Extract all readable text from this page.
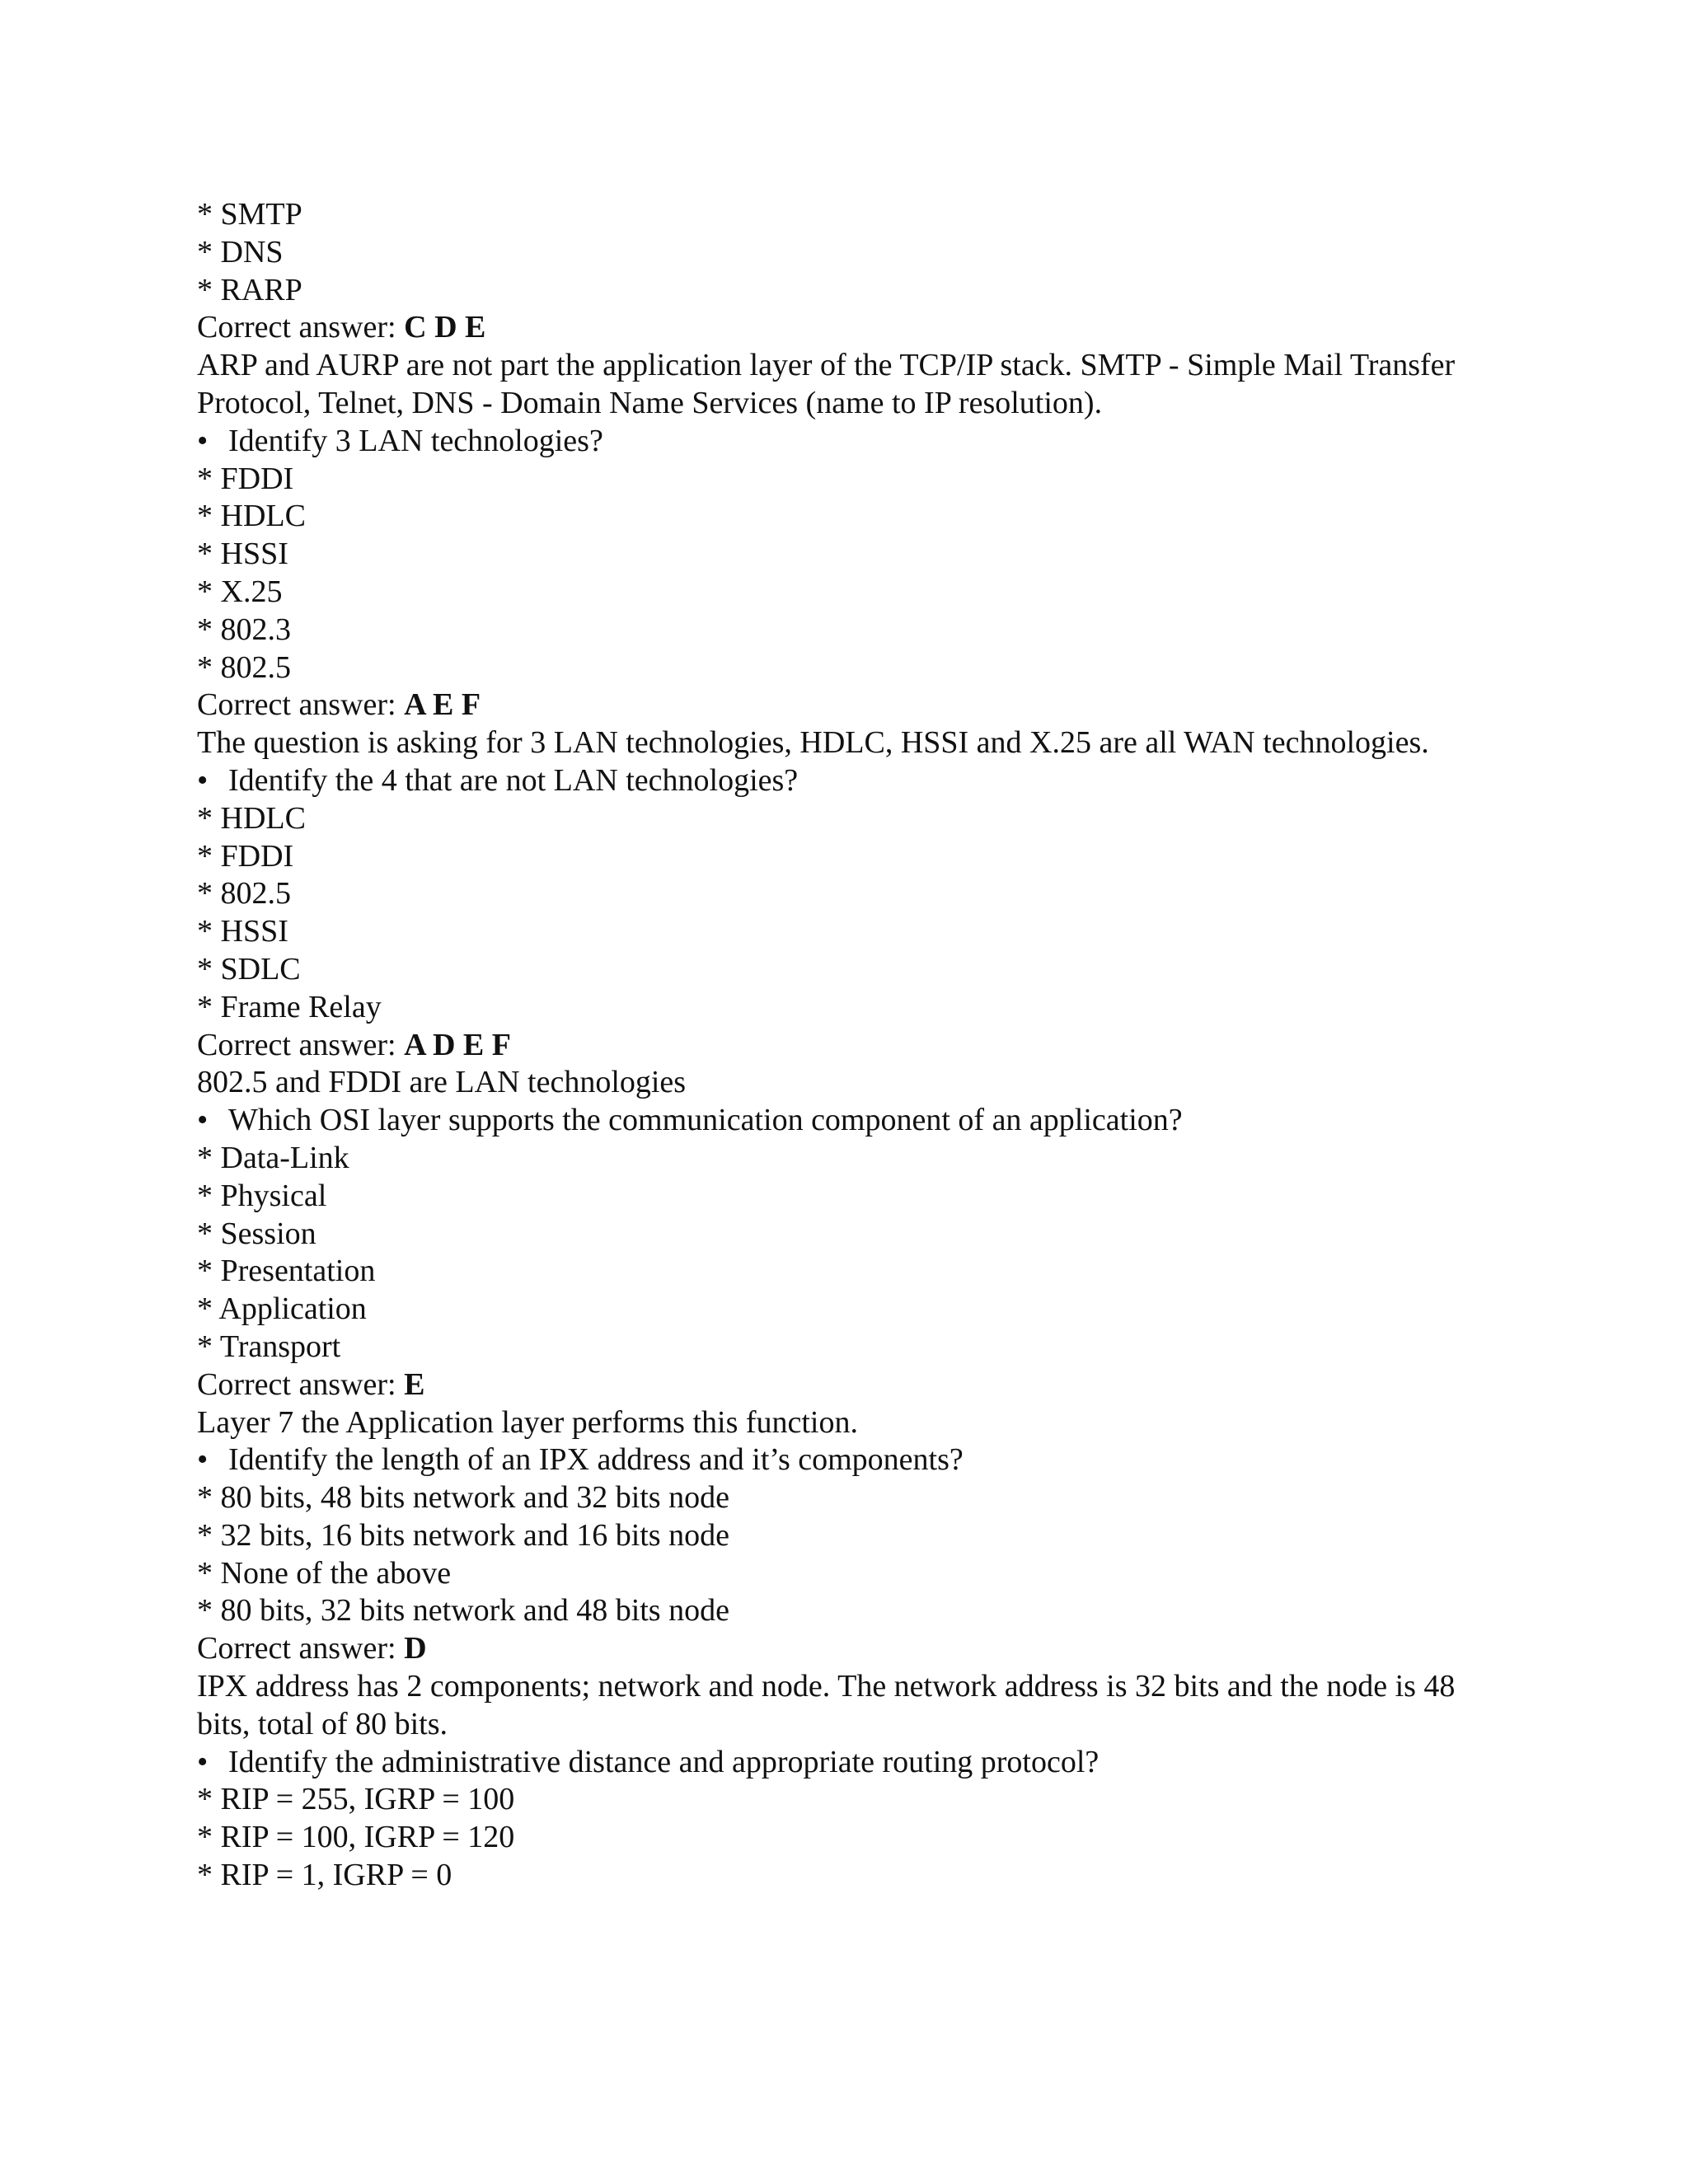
* SMTP
* DNS
* RARP
Correct answer: C D E
ARP and AURP are not part the application layer of the TCP/IP stack. SMTP - Simple Mail Transfer Protocol, Telnet, DNS - Domain Name Services (name to IP resolution).
• Identify 3 LAN technologies?
* FDDI
* HDLC
* HSSI
* X.25
* 802.3
* 802.5
Correct answer: A E F
The question is asking for 3 LAN technologies, HDLC, HSSI and X.25 are all WAN technologies.
• Identify the 4 that are not LAN technologies?
* HDLC
* FDDI
* 802.5
* HSSI
* SDLC
* Frame Relay
Correct answer: A D E F
802.5 and FDDI are LAN technologies
• Which OSI layer supports the communication component of an application?
* Data-Link
* Physical
* Session
* Presentation
* Application
* Transport
Correct answer: E
Layer 7 the Application layer performs this function.
• Identify the length of an IPX address and it’s components?
* 80 bits, 48 bits network and 32 bits node
* 32 bits, 16 bits network and 16 bits node
* None of the above
* 80 bits, 32 bits network and 48 bits node
Correct answer: D
IPX address has 2 components; network and node. The network address is 32 bits and the node is 48 bits, total of 80 bits.
• Identify the administrative distance and appropriate routing protocol?
* RIP = 255, IGRP = 100
* RIP = 100, IGRP = 120
* RIP = 1, IGRP = 0
